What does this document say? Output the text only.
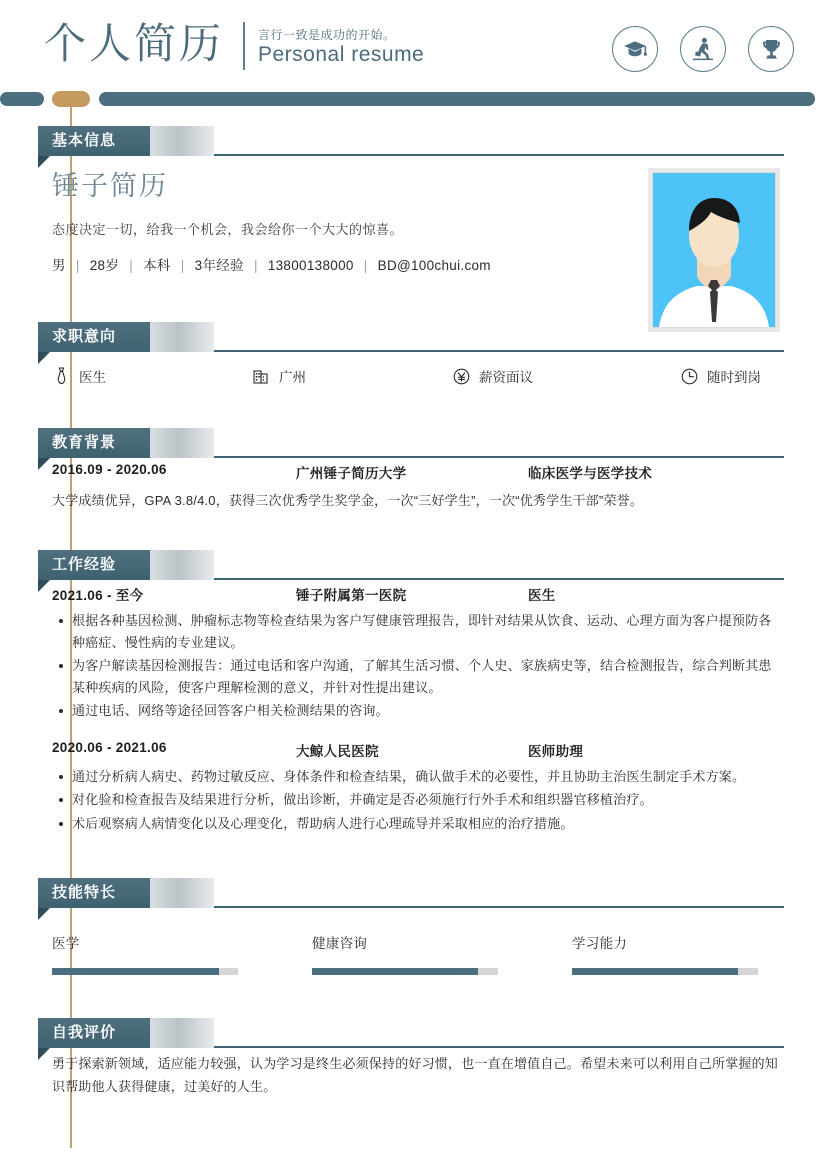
个人简历	言行一致是成功的开始。
Personal resume
基本信息
锤子简历
态度决定一切，给我一个机会，我会给你一个大大的惊喜。
男 | 28岁 | 本科 | 3年经验 | 13800138000 | BD@100chui.com
求职意向
医生	广州	薪资面议	随时到岗
教育背景
2016.09 - 2020.06	广州锤子简历大学	临床医学与医学技术
大学成绩优异，GPA 3.8/4.0，获得三次优秀学生奖学金，一次“三好学生”，一次“优秀学生干部”荣誉。
工作经验
2021.06 - 至今	锤子附属第一医院	医生
根据各种基因检测、肿瘤标志物等检查结果为客户写健康管理报告，即针对结果从饮食、运动、心理方面为客户提预防各种癌症、慢性病的专业建议。
为客户解读基因检测报告：通过电话和客户沟通，了解其生活习惯、个人史、家族病史等，结合检测报告，综合判断其患某种疾病的风险，使客户理解检测的意义，并针对性提出建议。
通过电话、网络等途径回答客户相关检测结果的咨询。
2020.06 - 2021.06	大鲸人民医院	医师助理
通过分析病人病史、药物过敏反应、身体条件和检查结果，确认做手术的必要性，并且协助主治医生制定手术方案。
对化验和检查报告及结果进行分析，做出诊断，并确定是否必须施行行外手术和组织器官移植治疗。
术后观察病人病情变化以及心理变化，帮助病人进行心理疏导并采取相应的治疗措施。
技能特长
医学	健康咨询	学习能力
自我评价
勇于探索新领域，适应能力较强，认为学习是终生必须保持的好习惯，也一直在增值自己。希望未来可以利用自己所掌握的知识帮助他人获得健康，过美好的人生。
